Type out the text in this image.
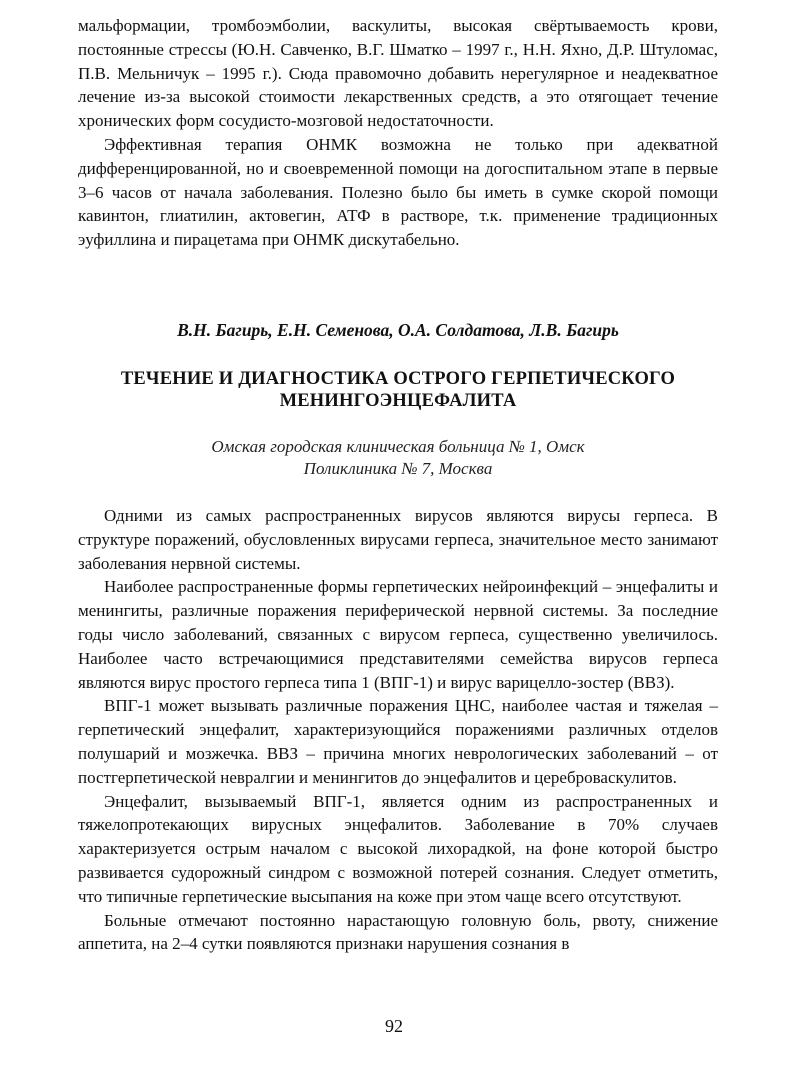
мальформации, тромбоэмболии, васкулиты, высокая свёртываемость крови, постоянные стрессы (Ю.Н. Савченко, В.Г. Шматко – 1997 г., Н.Н. Яхно, Д.Р. Штуломас, П.В. Мельничук – 1995 г.). Сюда правомочно добавить нерегулярное и неадекватное лечение из-за высокой стоимости лекарственных средств, а это отягощает течение хронических форм сосудисто-мозговой недостаточности.

Эффективная терапия ОНМК возможна не только при адекватной дифференцированной, но и своевременной помощи на догоспитальном этапе в первые 3–6 часов от начала заболевания. Полезно было бы иметь в сумке скорой помощи кавинтон, глиатилин, актовегин, АТФ в растворе, т.к. применение традиционных эуфиллина и пирацетама при ОНМК дискутабельно.

В.Н. Багирь, Е.Н. Семенова, О.А. Солдатова, Л.В. Багирь
ТЕЧЕНИЕ И ДИАГНОСТИКА ОСТРОГО ГЕРПЕТИЧЕСКОГО
МЕНИНГОЭНЦЕФАЛИТА
Омская городская клиническая больница № 1, Омск
Поликлиника № 7, Москва

Одними из самых распространенных вирусов являются вирусы герпеса. В структуре поражений, обусловленных вирусами герпеса, значительное место занимают заболевания нервной системы.

Наиболее распространенные формы герпетических нейроинфекций – энцефалиты и менингиты, различные поражения периферической нервной системы. За последние годы число заболеваний, связанных с вирусом герпеса, существенно увеличилось. Наиболее часто встречающимися представителями семейства вирусов герпеса являются вирус простого герпеса типа 1 (ВПГ-1) и вирус варицелло-зостер (ВВЗ).

ВПГ-1 может вызывать различные поражения ЦНС, наиболее частая и тяжелая – герпетический энцефалит, характеризующийся поражениями различных отделов полушарий и мозжечка. ВВЗ – причина многих неврологических заболеваний – от постгерпетической невралгии и менингитов до энцефалитов и цереброваскулитов.

Энцефалит, вызываемый ВПГ-1, является одним из распространенных и тяжелопротекающих вирусных энцефалитов. Заболевание в 70% случаев характеризуется острым началом с высокой лихорадкой, на фоне которой быстро развивается судорожный синдром с возможной потерей сознания. Следует отметить, что типичные герпетические высыпания на коже при этом чаще всего отсутствуют.

Больные отмечают постоянно нарастающую головную боль, рвоту, снижение аппетита, на 2–4 сутки появляются признаки нарушения сознания в

92
